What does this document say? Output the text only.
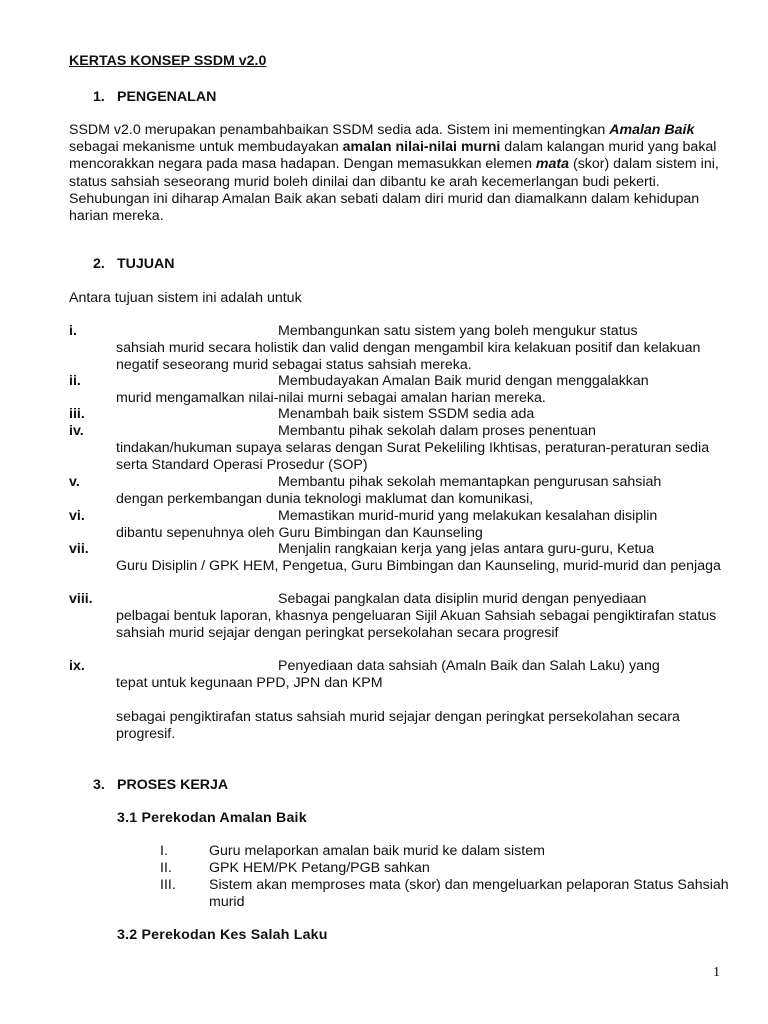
KERTAS KONSEP SSDM v2.0
1. PENGENALAN
SSDM v2.0 merupakan penambahbaikan SSDM sedia ada. Sistem ini mementingkan Amalan Baik sebagai mekanisme untuk membudayakan amalan nilai-nilai murni dalam kalangan murid yang bakal mencorakkan negara pada masa hadapan. Dengan memasukkan elemen mata (skor) dalam sistem ini, status sahsiah seseorang murid boleh dinilai dan dibantu ke arah kecemerlangan budi pekerti. Sehubungan ini diharap Amalan Baik akan sebati dalam diri murid dan diamalkann dalam kehidupan harian mereka.
2. TUJUAN
Antara tujuan sistem ini adalah untuk
i.	Membangunkan satu sistem yang boleh mengukur status
sahsiah murid secara holistik dan valid dengan mengambil kira kelakuan positif dan kelakuan negatif seseorang murid sebagai status sahsiah mereka.
ii.	Membudayakan Amalan Baik murid dengan menggalakkan
murid mengamalkan nilai-nilai murni sebagai amalan harian mereka.
iii.	Menambah baik sistem SSDM sedia ada
iv.	Membantu pihak sekolah dalam proses penentuan
tindakan/hukuman supaya selaras dengan Surat Pekeliling Ikhtisas, peraturan-peraturan sedia serta Standard Operasi Prosedur (SOP)
v.	Membantu pihak sekolah memantapkan pengurusan sahsiah
dengan perkembangan dunia teknologi maklumat dan komunikasi,
vi.	Memastikan murid-murid yang melakukan kesalahan disiplin
dibantu sepenuhnya oleh Guru Bimbingan dan Kaunseling
vii.	Menjalin rangkaian kerja yang jelas antara guru-guru, Ketua
Guru Disiplin / GPK HEM, Pengetua, Guru Bimbingan dan Kaunseling, murid-murid dan penjaga
viii.	Sebagai pangkalan data disiplin murid dengan penyediaan
pelbagai bentuk laporan, khasnya pengeluaran Sijil Akuan Sahsiah sebagai pengiktirafan status sahsiah murid sejajar dengan peringkat persekolahan secara progresif
ix.	Penyediaan data sahsiah (Amaln Baik dan Salah Laku) yang
tepat untuk kegunaan PPD, JPN dan KPM
sebagai pengiktirafan status sahsiah murid sejajar dengan peringkat persekolahan secara progresif.
3. PROSES KERJA
3.1 Perekodan Amalan Baik
I.	Guru melaporkan amalan baik murid ke dalam sistem
II.	GPK HEM/PK Petang/PGB sahkan
III.	Sistem akan memproses mata (skor) dan mengeluarkan pelaporan Status Sahsiah murid
3.2 Perekodan Kes Salah Laku
1
